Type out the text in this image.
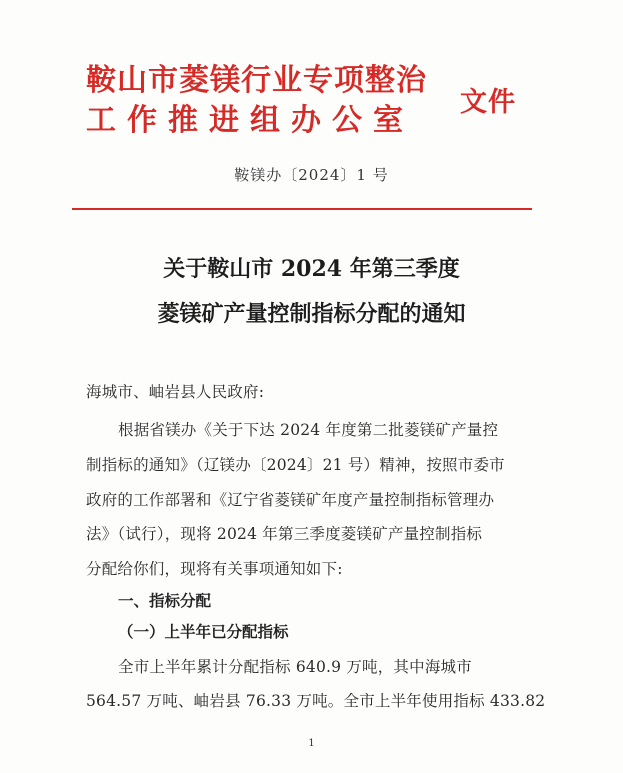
鞍山市菱镁行业专项整治
工作推进组办公室
文件
鞍镁办〔2024〕1 号
关于鞍山市 2024 年第三季度
菱镁矿产量控制指标分配的通知
海城市、岫岩县人民政府:
根据省镁办《关于下达 2024 年度第二批菱镁矿产量控
制指标的通知》（辽镁办〔2024〕21 号）精神，按照市委市
政府的工作部署和《辽宁省菱镁矿年度产量控制指标管理办
法》（试行），现将 2024 年第三季度菱镁矿产量控制指标
分配给你们，现将有关事项通知如下:
一、指标分配
（一）上半年已分配指标
全市上半年累计分配指标 640.9 万吨，其中海城市
564.57 万吨、岫岩县 76.33 万吨。全市上半年使用指标 433.82
1
